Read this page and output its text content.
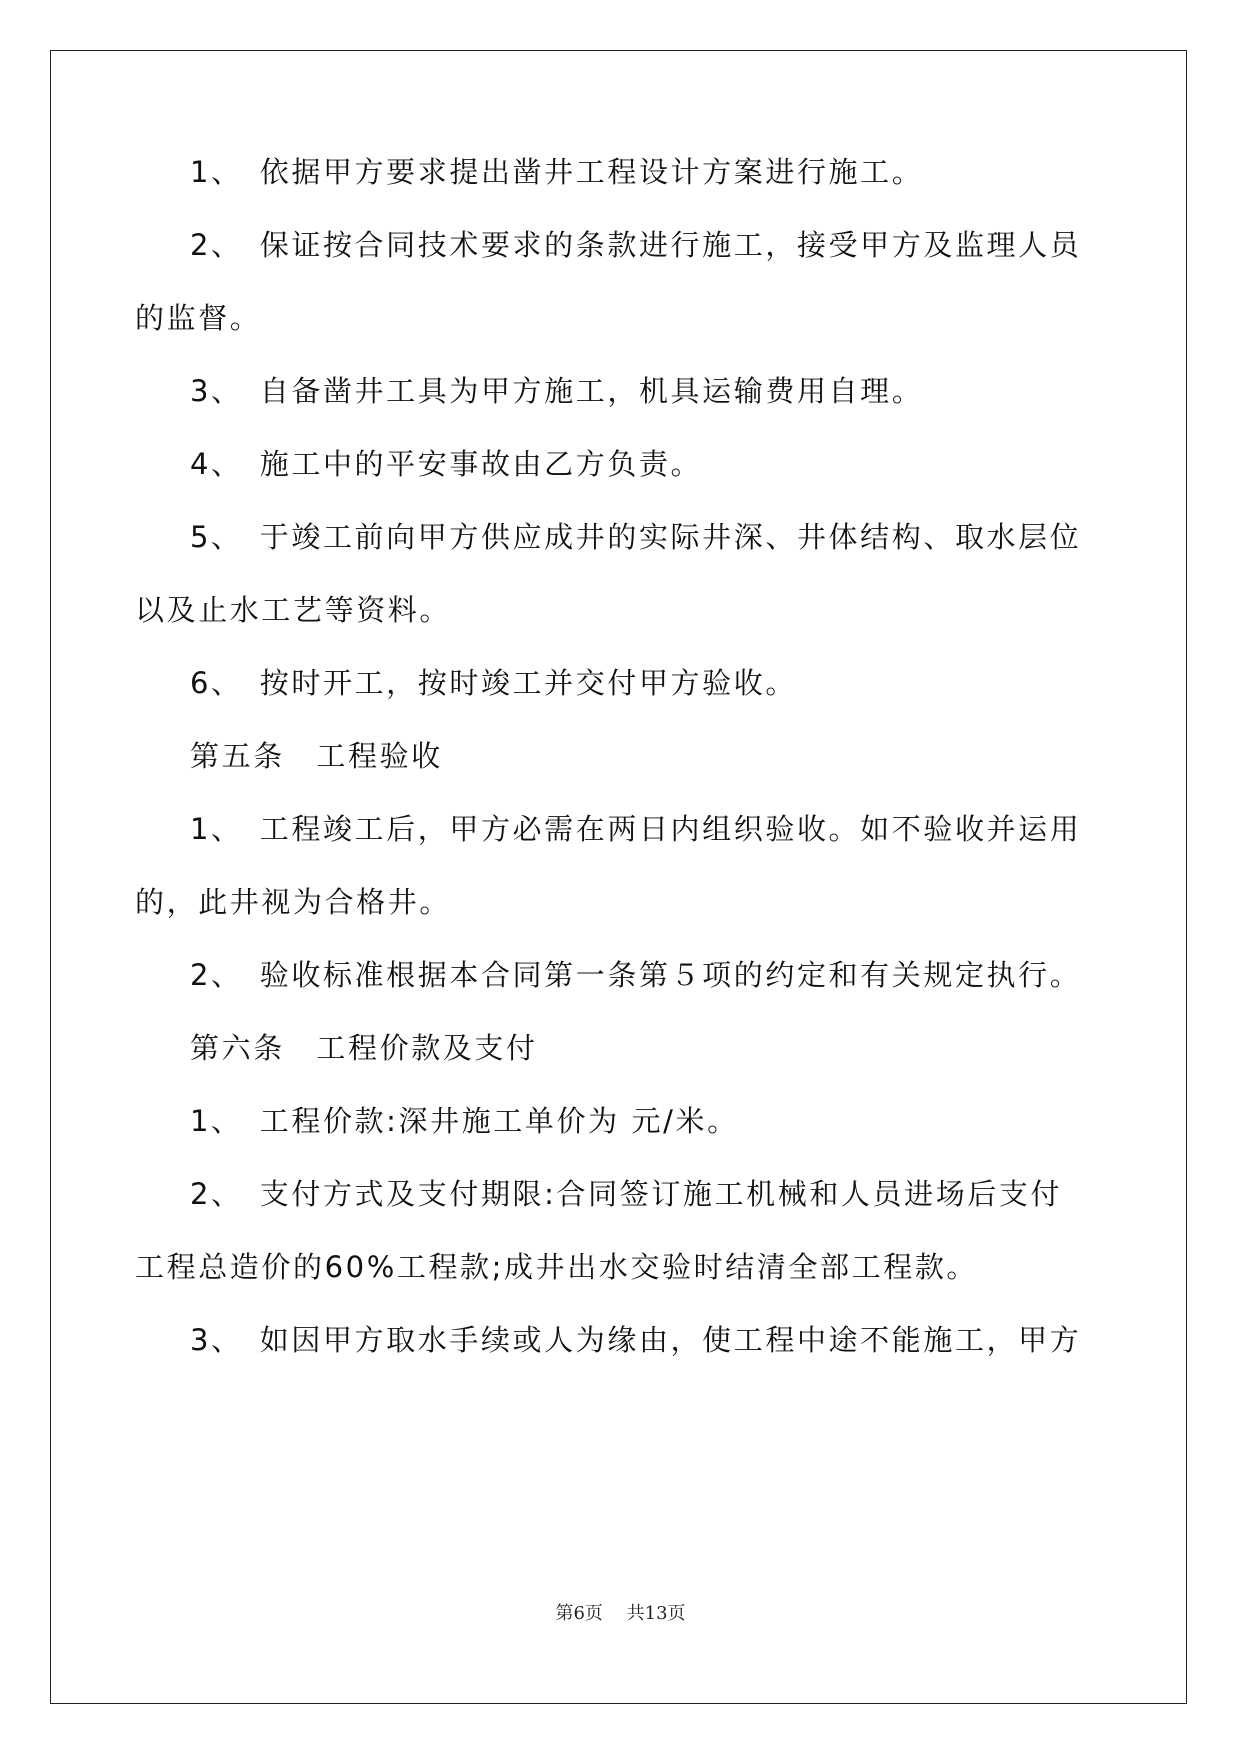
1、　依据甲方要求提出凿井工程设计方案进行施工。
2、　保证按合同技术要求的条款进行施工，接受甲方及监理人员
的监督。
3、　自备凿井工具为甲方施工，机具运输费用自理。
4、　施工中的平安事故由乙方负责。
5、　于竣工前向甲方供应成井的实际井深、井体结构、取水层位
以及止水工艺等资料。
6、　按时开工，按时竣工并交付甲方验收。
第五条　工程验收
1、　工程竣工后，甲方必需在两日内组织验收。如不验收并运用
的，此井视为合格井。
2、　验收标准根据本合同第一条第５项的约定和有关规定执行。
第六条　工程价款及支付
1、　工程价款:深井施工单价为 元/米。
2、　支付方式及支付期限:合同签订施工机械和人员进场后支付
工程总造价的60%工程款;成井出水交验时结清全部工程款。
3、　如因甲方取水手续或人为缘由，使工程中途不能施工，甲方
第6页　 共13页
